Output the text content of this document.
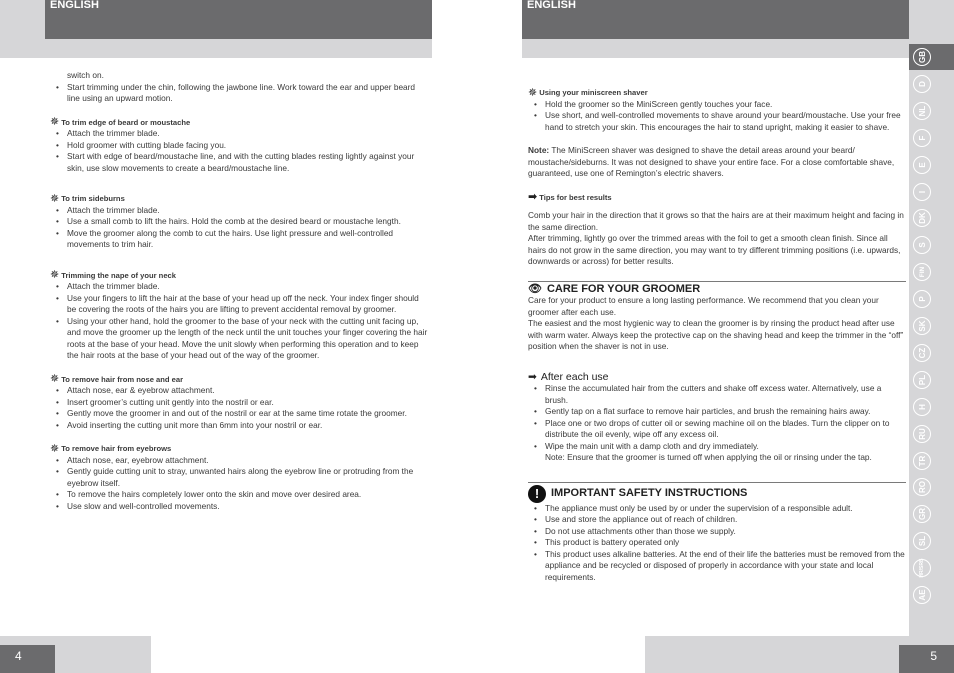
ENGLISH	ENGLISH
switch on.
• Start trimming under the chin, following the jawbone line. Work toward the ear and upper beard line using an upward motion.
✵ To trim edge of beard or moustache
• Attach the trimmer blade.
• Hold groomer with cutting blade facing you.
• Start with edge of beard/moustache line, and with the cutting blades resting lightly against your skin, use slow movements to create a beard/moustache line.
✵ To trim sideburns
• Attach the trimmer blade.
• Use a small comb to lift the hairs. Hold the comb at the desired beard or moustache length.
• Move the groomer along the comb to cut the hairs. Use light pressure and well-controlled movements to trim hair.
✵ Trimming the nape of your neck
• Attach the trimmer blade.
• Use your fingers to lift the hair at the base of your head up off the neck. Your index finger should be covering the roots of the hairs you are lifting to prevent accidental removal by groomer.
• Using your other hand, hold the groomer to the base of your neck with the cutting unit facing up, and move the groomer up the length of the neck until the unit touches your finger covering the hair roots at the base of your head. Move the unit slowly when performing this operation and to keep the hair roots at the base of your head out of the way of the groomer.
✵ To remove hair from nose and ear
• Attach nose, ear & eyebrow attachment.
• Insert groomer’s cutting unit gently into the nostril or ear.
• Gently move the groomer in and out of the nostril or ear at the same time rotate the groomer.
• Avoid inserting the cutting unit more than 6mm into your nostril or ear.
✵ To remove hair from eyebrows
• Attach nose, ear, eyebrow attachment.
• Gently guide cutting unit to stray, unwanted hairs along the eyebrow line or protruding from the eyebrow itself.
• To remove the hairs completely lower onto the skin and move over desired area.
• Use slow and well-controlled movements.
✵ Using your miniscreen shaver
• Hold the groomer so the MiniScreen gently touches your face.
• Use short, and well-controlled movements to shave around your beard/moustache. Use your free hand to stretch your skin. This encourages the hair to stand upright, making it easier to shave.
Note: The MiniScreen shaver was designed to shave the detail areas around your beard/ moustache/sideburns. It was not designed to shave your entire face. For a close comfortable shave, guaranteed, use one of Remington’s electric shavers.
➡ Tips for best results
Comb your hair in the direction that it grows so that the hairs are at their maximum height and facing in the same direction.
After trimming, lightly go over the trimmed areas with the foil to get a smooth clean finish. Since all hairs do not grow in the same direction, you may want to try different trimming positions (i.e. upwards, downwards or across) for better results.
👁 CARE FOR YOUR GROOMER
Care for your product to ensure a long lasting performance. We recommend that you clean your groomer after each use.
The easiest and the most hygienic way to clean the groomer is by rinsing the product head after use with warm water. Always keep the protective cap on the shaving head and keep the trimmer in the “off” position when the shaver is not in use.
➡ After each use
• Rinse the accumulated hair from the cutters and shake off excess water. Alternatively, use a brush.
• Gently tap on a flat surface to remove hair particles, and brush the remaining hairs away.
• Place one or two drops of cutter oil or sewing machine oil on the blades. Turn the clipper on to distribute the oil evenly, wipe off any excess oil.
• Wipe the main unit with a damp cloth and dry immediately.
Note: Ensure that the groomer is turned off when applying the oil or rinsing under the tap.
!	IMPORTANT SAFETY INSTRUCTIONS
• The appliance must only be used by or under the supervision of a responsible adult.
• Use and store the appliance out of reach of children.
• Do not use attachments other than those we supply.
• This product is battery operated only
• This product uses alkaline batteries. At the end of their life the batteries must be removed from the appliance and be recycled or disposed of properly in accordance with your state and local requirements.
GB
D
NL
F
E
I
DK
S
FIN
P
SK
CZ
PL
H
RU
TR
RO
GR
SL
HR/SRB
AE
4	5
